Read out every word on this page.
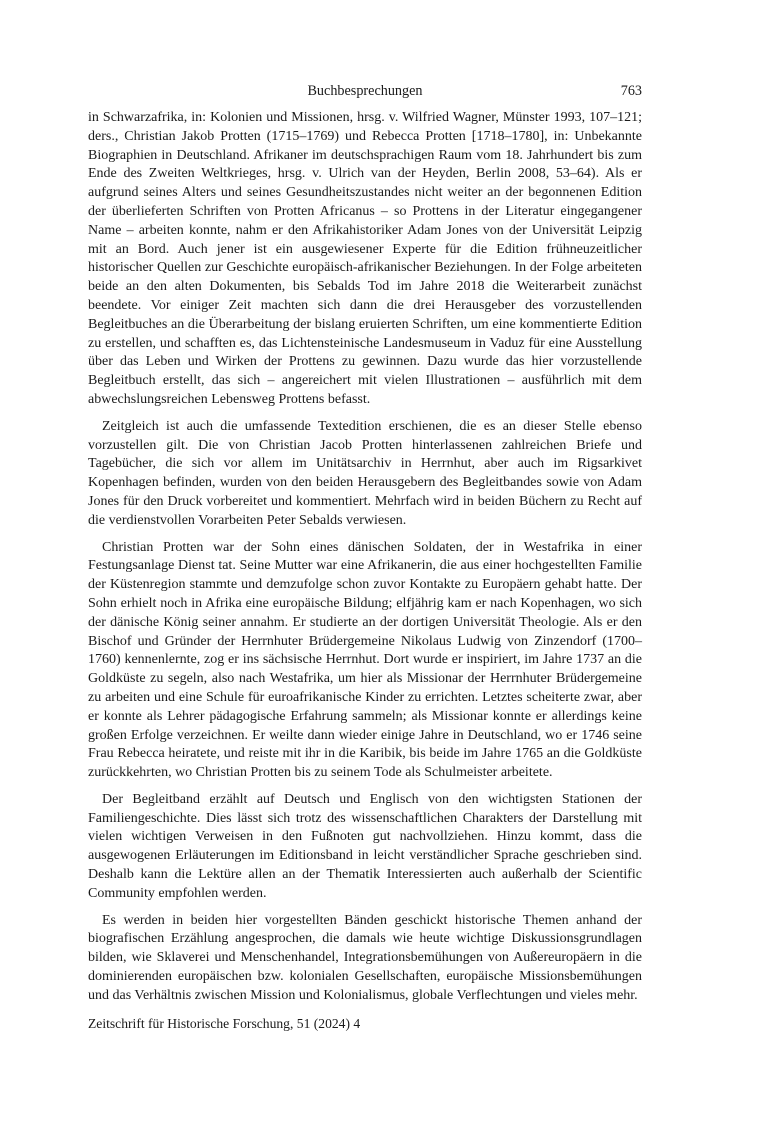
Buchbesprechungen	763

in Schwarzafrika, in: Kolonien und Missionen, hrsg. v. Wilfried Wagner, Münster 1993, 107–121; ders., Christian Jakob Protten (1715–1769) und Rebecca Protten [1718–1780], in: Unbekannte Biographien in Deutschland. Afrikaner im deutschsprachigen Raum vom 18. Jahrhundert bis zum Ende des Zweiten Weltkrieges, hrsg. v. Ulrich van der Heyden, Berlin 2008, 53–64). Als er aufgrund seines Alters und seines Gesundheitszustandes nicht weiter an der begonnenen Edition der überlieferten Schriften von Protten Africanus – so Prottens in der Literatur eingegangener Name – arbeiten konnte, nahm er den Afrikahistoriker Adam Jones von der Universität Leipzig mit an Bord. Auch jener ist ein ausgewiesener Experte für die Edition frühneuzeitlicher historischer Quellen zur Geschichte europäisch-afrikanischer Beziehungen. In der Folge arbeiteten beide an den alten Dokumenten, bis Sebalds Tod im Jahre 2018 die Weiterarbeit zunächst beendete. Vor einiger Zeit machten sich dann die drei Herausgeber des vorzustellenden Begleitbuches an die Überarbeitung der bislang eruierten Schriften, um eine kommentierte Edition zu erstellen, und schafften es, das Lichtensteinische Landesmuseum in Vaduz für eine Ausstellung über das Leben und Wirken der Prottens zu gewinnen. Dazu wurde das hier vorzustellende Begleitbuch erstellt, das sich – angereichert mit vielen Illustrationen – ausführlich mit dem abwechslungsreichen Lebensweg Prottens befasst.

Zeitgleich ist auch die umfassende Textedition erschienen, die es an dieser Stelle ebenso vorzustellen gilt. Die von Christian Jacob Protten hinterlassenen zahlreichen Briefe und Tagebücher, die sich vor allem im Unitätsarchiv in Herrnhut, aber auch im Rigsarkivet Kopenhagen befinden, wurden von den beiden Herausgebern des Begleitbandes sowie von Adam Jones für den Druck vorbereitet und kommentiert. Mehrfach wird in beiden Büchern zu Recht auf die verdienstvollen Vorarbeiten Peter Sebalds verwiesen.

Christian Protten war der Sohn eines dänischen Soldaten, der in Westafrika in einer Festungsanlage Dienst tat. Seine Mutter war eine Afrikanerin, die aus einer hochgestellten Familie der Küstenregion stammte und demzufolge schon zuvor Kontakte zu Europäern gehabt hatte. Der Sohn erhielt noch in Afrika eine europäische Bildung; elfjährig kam er nach Kopenhagen, wo sich der dänische König seiner annahm. Er studierte an der dortigen Universität Theologie. Als er den Bischof und Gründer der Herrnhuter Brüdergemeine Nikolaus Ludwig von Zinzendorf (1700–1760) kennenlernte, zog er ins sächsische Herrnhut. Dort wurde er inspiriert, im Jahre 1737 an die Goldküste zu segeln, also nach Westafrika, um hier als Missionar der Herrnhuter Brüdergemeine zu arbeiten und eine Schule für euroafrikanische Kinder zu errichten. Letztes scheiterte zwar, aber er konnte als Lehrer pädagogische Erfahrung sammeln; als Missionar konnte er allerdings keine großen Erfolge verzeichnen. Er weilte dann wieder einige Jahre in Deutschland, wo er 1746 seine Frau Rebecca heiratete, und reiste mit ihr in die Karibik, bis beide im Jahre 1765 an die Goldküste zurückkehrten, wo Christian Protten bis zu seinem Tode als Schulmeister arbeitete.

Der Begleitband erzählt auf Deutsch und Englisch von den wichtigsten Stationen der Familiengeschichte. Dies lässt sich trotz des wissenschaftlichen Charakters der Darstellung mit vielen wichtigen Verweisen in den Fußnoten gut nachvollziehen. Hinzu kommt, dass die ausgewogenen Erläuterungen im Editionsband in leicht verständlicher Sprache geschrieben sind. Deshalb kann die Lektüre allen an der Thematik Interessierten auch außerhalb der Scientific Community empfohlen werden.

Es werden in beiden hier vorgestellten Bänden geschickt historische Themen anhand der biografischen Erzählung angesprochen, die damals wie heute wichtige Diskussionsgrundlagen bilden, wie Sklaverei und Menschenhandel, Integrationsbemühungen von Außereuropäern in die dominierenden europäischen bzw. kolonialen Gesellschaften, europäische Missionsbemühungen und das Verhältnis zwischen Mission und Kolonialismus, globale Verflechtungen und vieles mehr.

Zeitschrift für Historische Forschung, 51 (2024) 4
